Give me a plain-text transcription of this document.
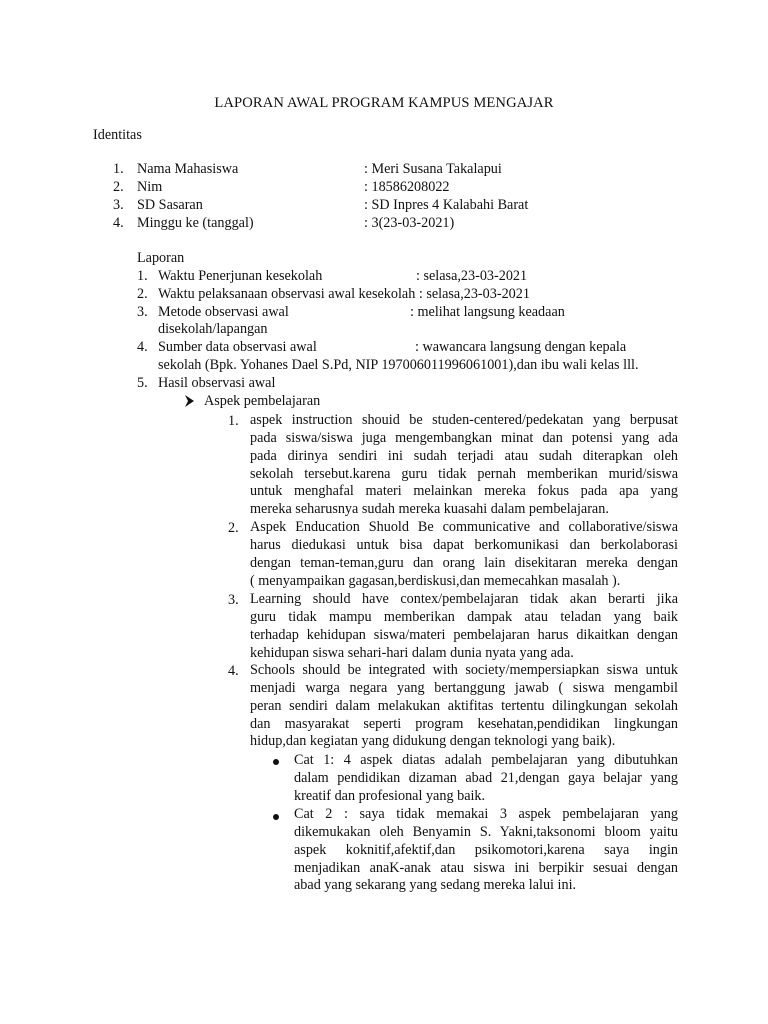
LAPORAN AWAL PROGRAM KAMPUS MENGAJAR
Identitas
1. Nama Mahasiswa	: Meri Susana Takalapui
2. Nim	: 18586208022
3. SD Sasaran	: SD Inpres 4 Kalabahi Barat
4. Minggu ke (tanggal)	: 3(23-03-2021)
Laporan
1. Waktu Penerjunan kesekolah	: selasa,23-03-2021
2. Waktu pelaksanaan observasi awal kesekolah : selasa,23-03-2021
3. Metode observasi awal	: melihat langsung keadaan
disekolah/lapangan
4. Sumber data observasi awal	: wawancara langsung dengan kepala
sekolah (Bpk. Yohanes Dael S.Pd, NIP 197006011996061001),dan ibu wali kelas lll.
5. Hasil observasi awal
Aspek pembelajaran
1. aspek instruction shouid be studen-centered/pedekatan yang berpusat
pada siswa/siswa juga mengembangkan minat dan potensi yang ada
pada dirinya sendiri ini sudah terjadi atau sudah diterapkan oleh
sekolah tersebut.karena guru tidak pernah memberikan murid/siswa
untuk menghafal materi melainkan mereka fokus pada apa yang
mereka seharusnya sudah mereka kuasahi dalam pembelajaran.
2. Aspek Enducation Shuold Be communicative and collaborative/siswa
harus diedukasi untuk bisa dapat berkomunikasi dan berkolaborasi
dengan teman-teman,guru dan orang lain disekitaran mereka dengan
( menyampaikan gagasan,berdiskusi,dan memecahkan masalah ).
3. Learning should have contex/pembelajaran tidak akan berarti jika
guru tidak mampu memberikan dampak atau teladan yang baik
terhadap kehidupan siswa/materi pembelajaran harus dikaitkan dengan
kehidupan siswa sehari-hari dalam dunia nyata yang ada.
4. Schools should be integrated with society/mempersiapkan siswa untuk
menjadi warga negara yang bertanggung jawab ( siswa mengambil
peran sendiri dalam melakukan aktifitas tertentu dilingkungan sekolah
dan masyarakat seperti program kesehatan,pendidikan lingkungan
hidup,dan kegiatan yang didukung dengan teknologi yang baik).
Cat 1: 4 aspek diatas adalah pembelajaran yang dibutuhkan
dalam pendidikan dizaman abad 21,dengan gaya belajar yang
kreatif dan profesional yang baik.
Cat 2 : saya tidak memakai 3 aspek pembelajaran yang
dikemukakan oleh Benyamin S. Yakni,taksonomi bloom yaitu
aspek koknitif,afektif,dan psikomotori,karena saya ingin
menjadikan anaK-anak atau siswa ini berpikir sesuai dengan
abad yang sekarang yang sedang mereka lalui ini.
